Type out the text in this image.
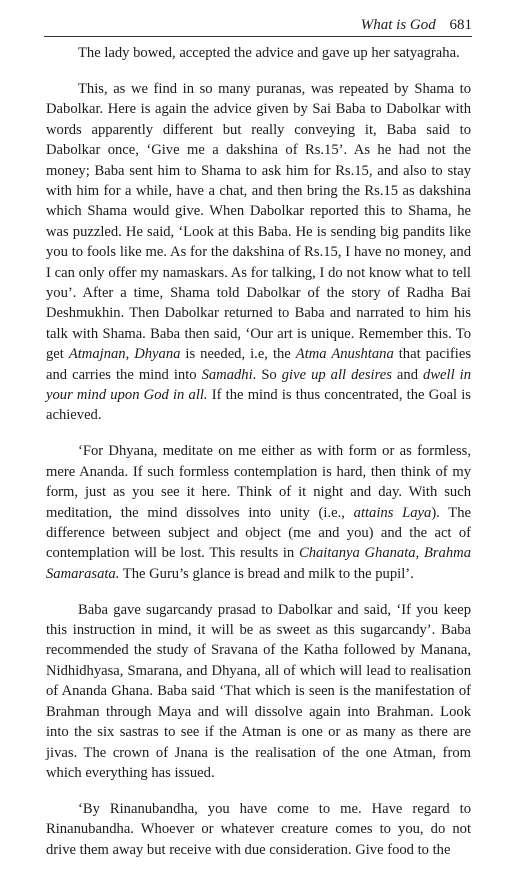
What is God 681

The lady bowed, accepted the advice and gave up her satyagraha.

This, as we find in so many puranas, was repeated by Shama to Dabolkar. Here is again the advice given by Sai Baba to Dabolkar with words apparently different but really conveying it, Baba said to Dabolkar once, ‘Give me a dakshina of Rs.15’. As he had not the money; Baba sent him to Shama to ask him for Rs.15, and also to stay with him for a while, have a chat, and then bring the Rs.15 as dakshina which Shama would give. When Dabolkar reported this to Shama, he was puzzled. He said, ‘Look at this Baba. He is sending big pandits like you to fools like me. As for the dakshina of Rs.15, I have no money, and I can only offer my namaskars. As for talking, I do not know what to tell you’. After a time, Shama told Dabolkar of the story of Radha Bai Deshmukhin. Then Dabolkar returned to Baba and narrated to him his talk with Shama. Baba then said, ‘Our art is unique. Remember this. To get Atmajnan, Dhyana is needed, i.e, the Atma Anushtana that pacifies and carries the mind into Samadhi. So give up all desires and dwell in your mind upon God in all. If the mind is thus concentrated, the Goal is achieved.

‘For Dhyana, meditate on me either as with form or as formless, mere Ananda. If such formless contemplation is hard, then think of my form, just as you see it here. Think of it night and day. With such meditation, the mind dissolves into unity (i.e., attains Laya). The difference between subject and object (me and you) and the act of contemplation will be lost. This results in Chaitanya Ghanata, Brahma Samarasata. The Guru’s glance is bread and milk to the pupil’.

Baba gave sugarcandy prasad to Dabolkar and said, ‘If you keep this instruction in mind, it will be as sweet as this sugarcandy’. Baba recommended the study of Sravana of the Katha followed by Manana, Nidhidhyasa, Smarana, and Dhyana, all of which will lead to realisation of Ananda Ghana. Baba said ‘That which is seen is the manifestation of Brahman through Maya and will dissolve again into Brahman. Look into the six sastras to see if the Atman is one or as many as there are jivas. The crown of Jnana is the realisation of the one Atman, from which everything has issued.

‘By Rinanubandha, you have come to me. Have regard to Rinanubandha. Whoever or whatever creature comes to you, do not drive them away but receive with due consideration. Give food to the
